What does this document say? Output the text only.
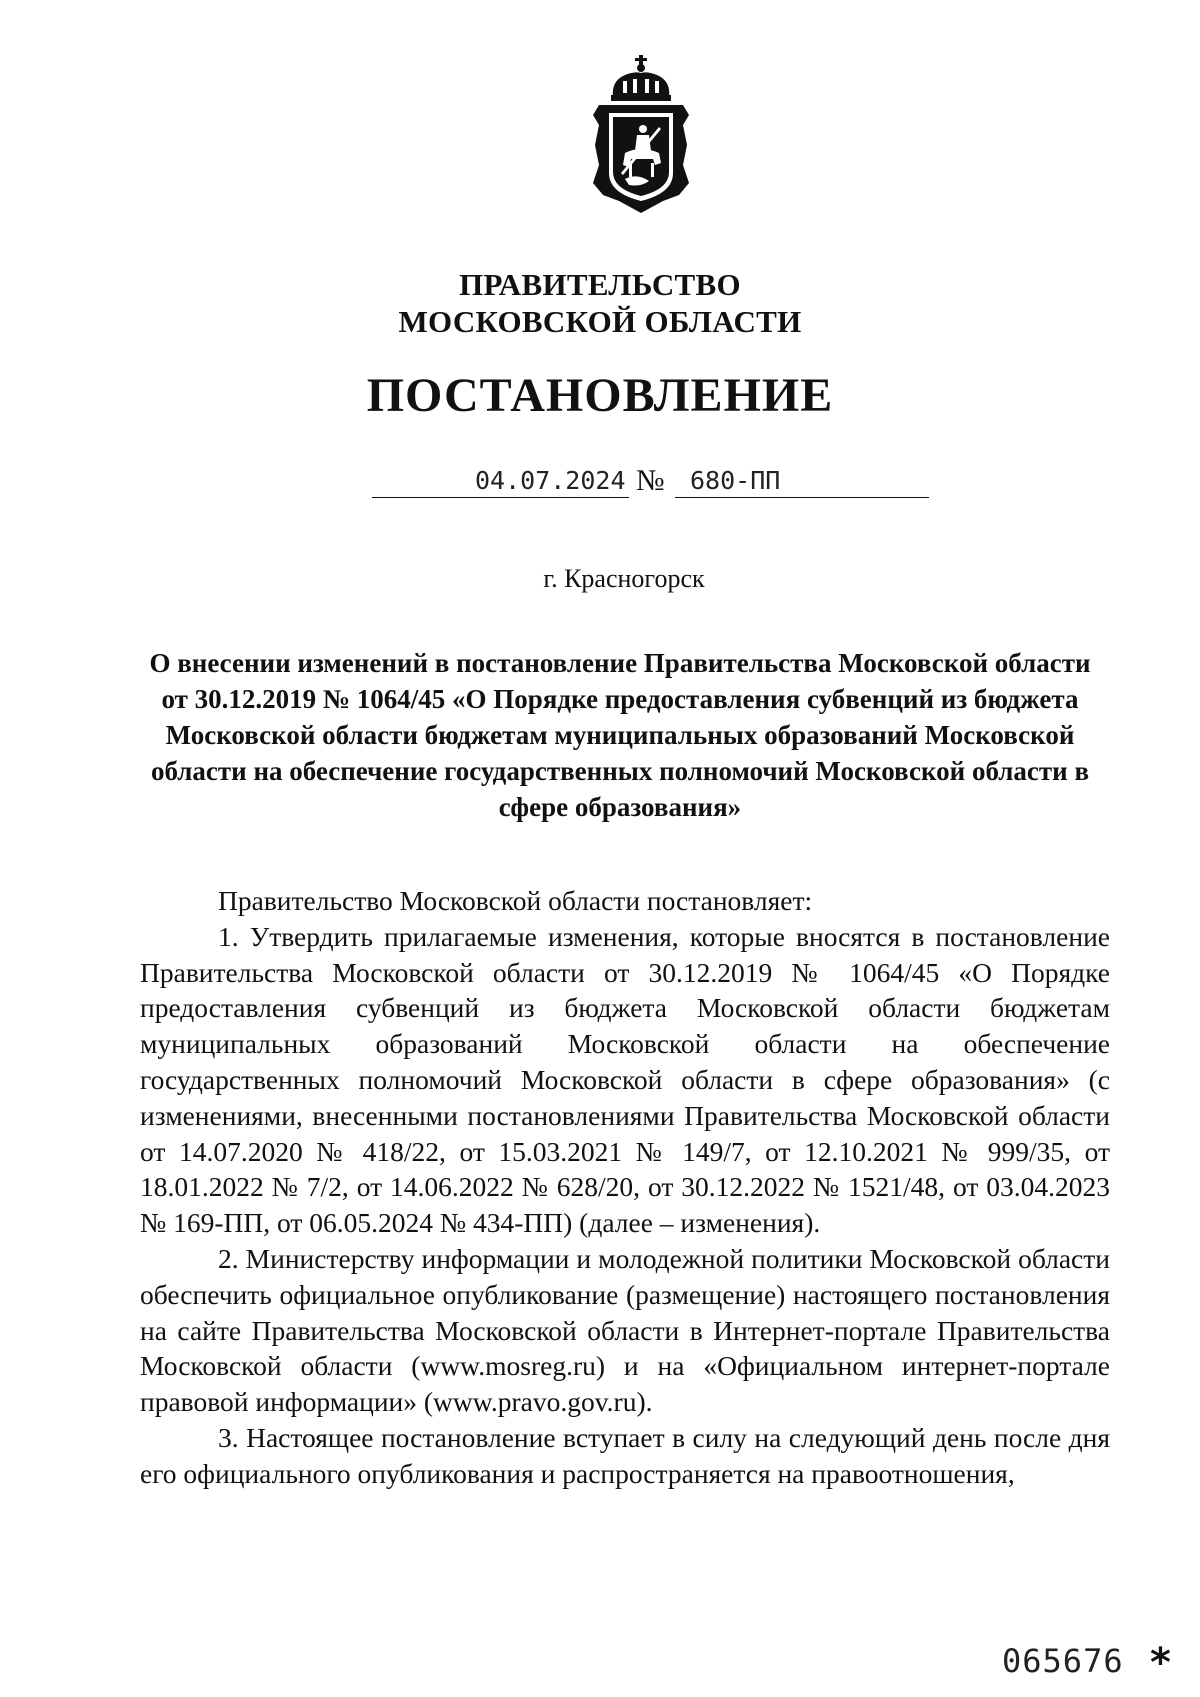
ПРАВИТЕЛЬСТВО
МОСКОВСКОЙ ОБЛАСТИ
ПОСТАНОВЛЕНИЕ
04.07.2024 № 680-ПП
г. Красногорск
О внесении изменений в постановление Правительства Московской области от 30.12.2019 № 1064/45 «О Порядке предоставления субвенций из бюджета Московской области бюджетам муниципальных образований Московской области на обеспечение государственных полномочий Московской области в сфере образования»

Правительство Московской области постановляет:

1. Утвердить прилагаемые изменения, которые вносятся в постановление Правительства Московской области от 30.12.2019 № 1064/45 «О Порядке предоставления субвенций из бюджета Московской области бюджетам муниципальных образований Московской области на обеспечение государственных полномочий Московской области в сфере образования» (с изменениями, внесенными постановлениями Правительства Московской области от 14.07.2020 № 418/22, от 15.03.2021 № 149/7, от 12.10.2021 № 999/35, от 18.01.2022 № 7/2, от 14.06.2022 № 628/20, от 30.12.2022 № 1521/48, от 03.04.2023 № 169-ПП, от 06.05.2024 № 434-ПП) (далее – изменения).

2. Министерству информации и молодежной политики Московской области обеспечить официальное опубликование (размещение) настоящего постановления на сайте Правительства Московской области в Интернет-портале Правительства Московской области (www.mosreg.ru) и на «Официальном интернет-портале правовой информации» (www.pravo.gov.ru).

3. Настоящее постановление вступает в силу на следующий день после дня его официального опубликования и распространяется на правоотношения,

065676 *
